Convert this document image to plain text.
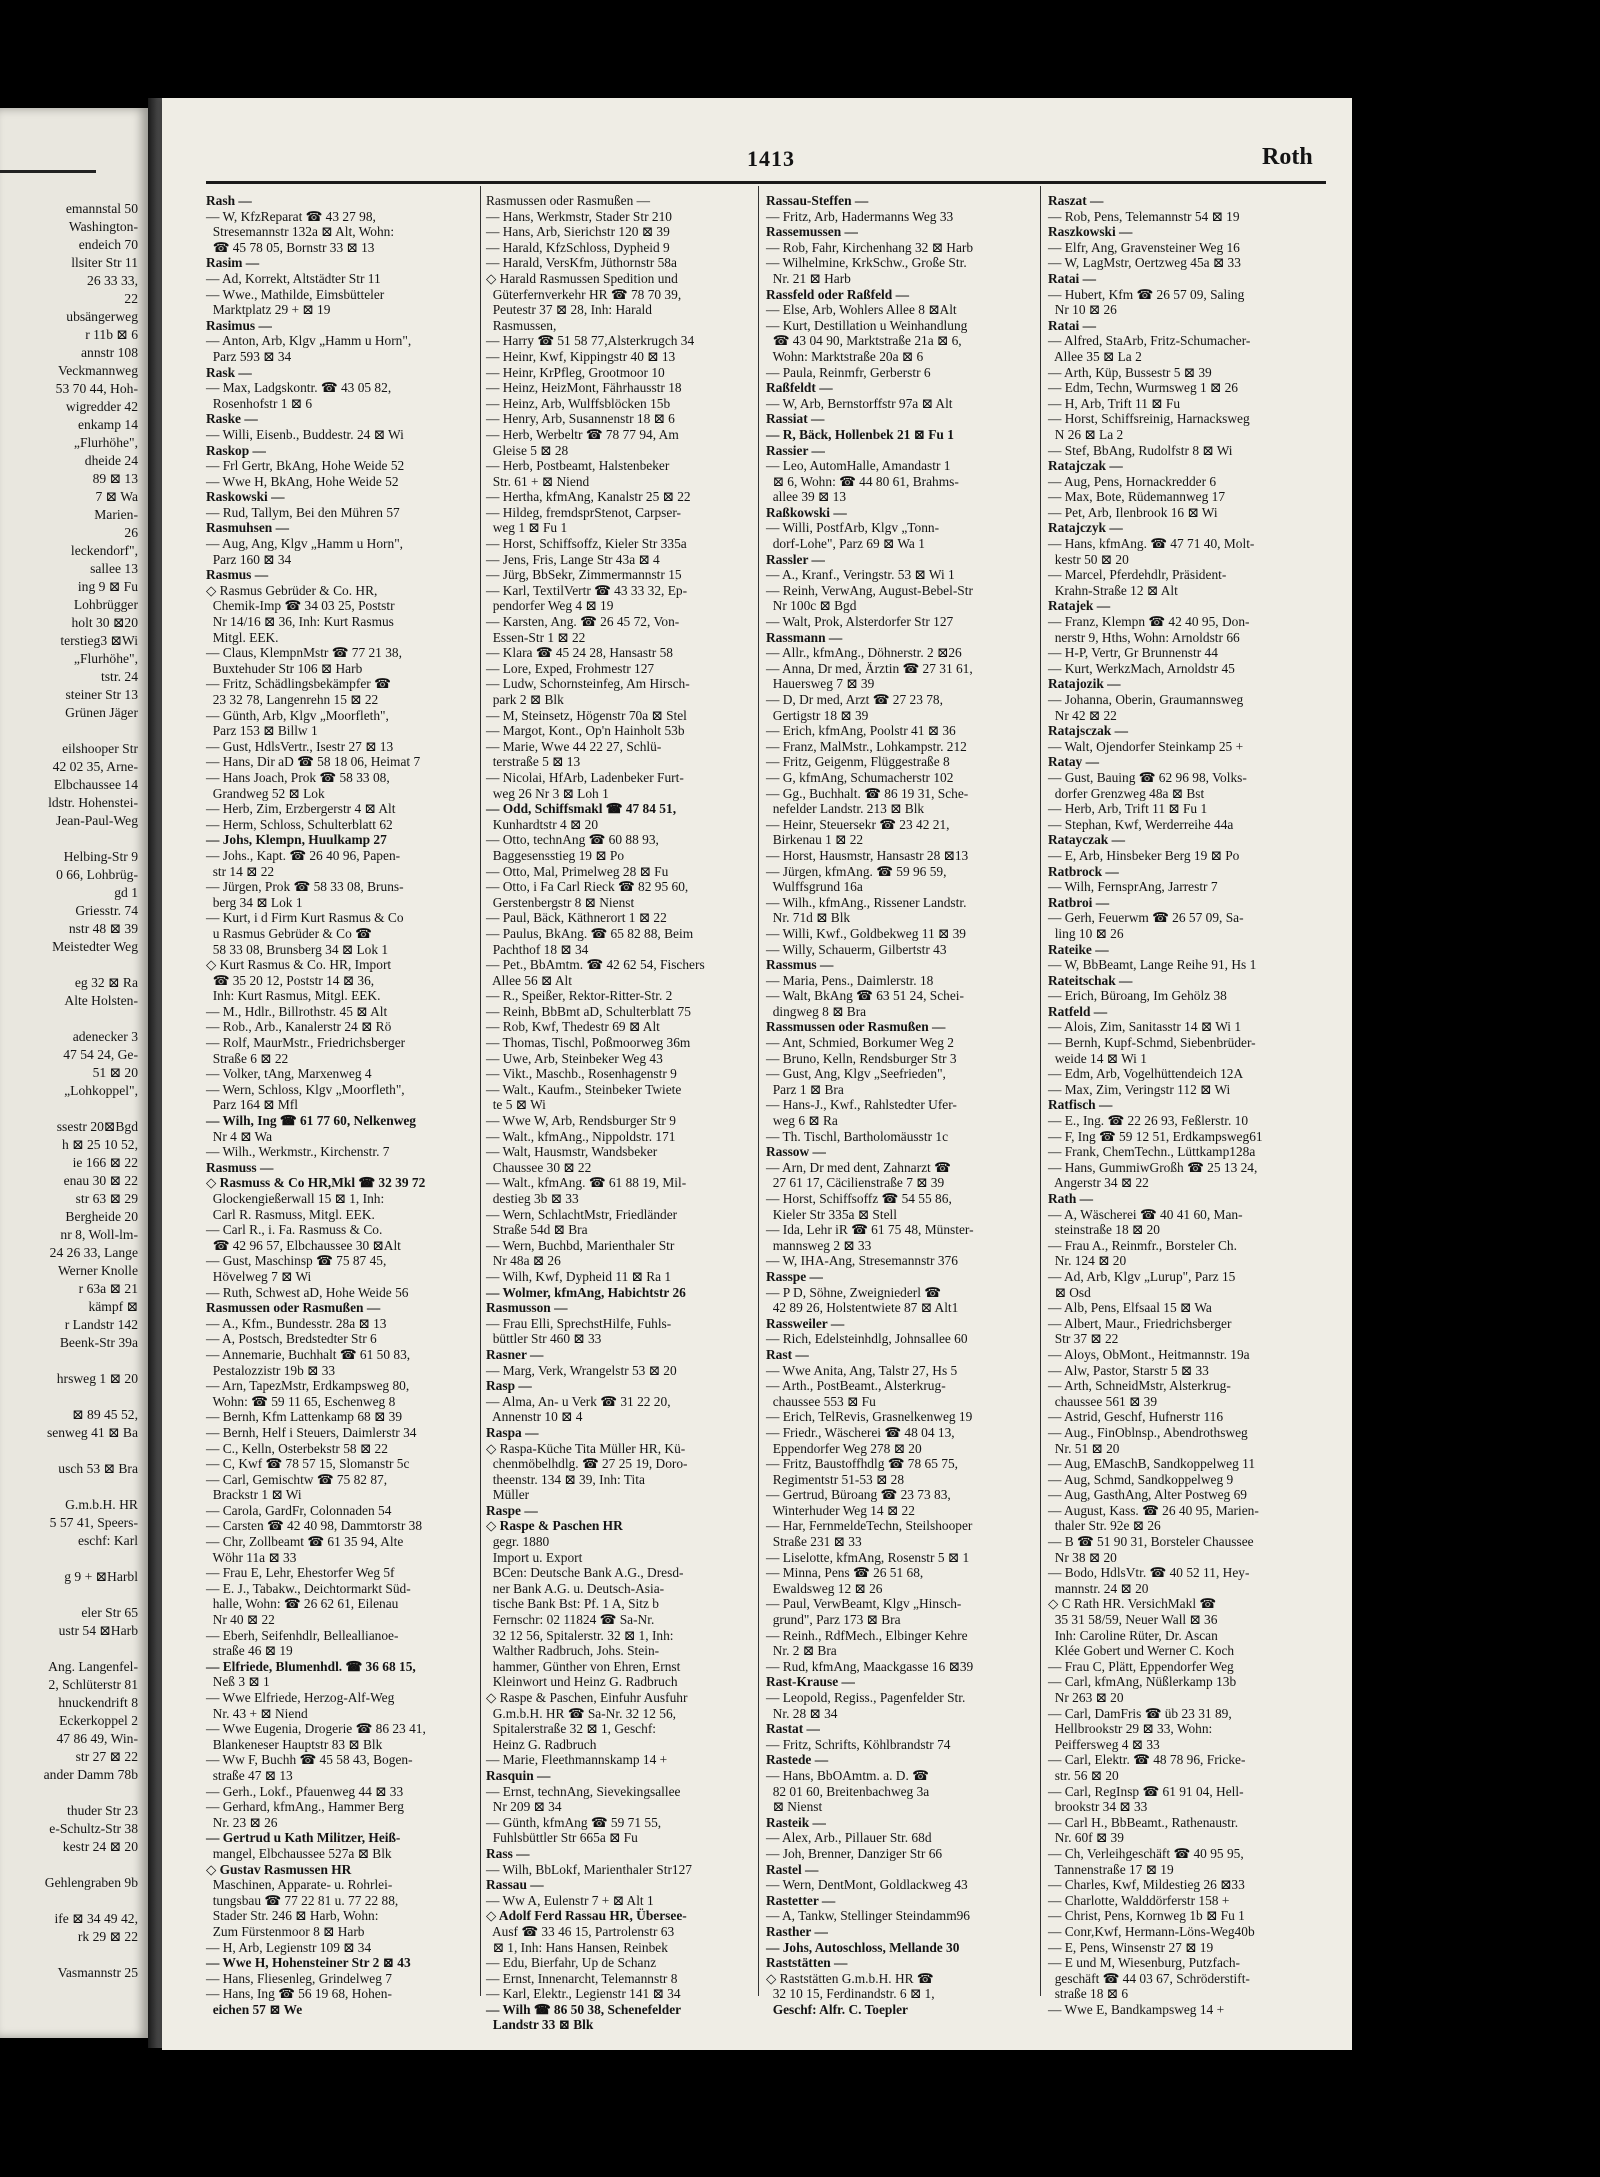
emannstal 50
Washington-
endeich 70
llsiter Str 11
26 33 33,
22
ubsängerweg
r 11b ⊠ 6
annstr 108
Veckmannweg
53 70 44, Hoh-
wigredder 42
enkamp 14
„Flurhöhe",
dheide 24
89 ⊠ 13
7 ⊠ Wa
Marien-
26
leckendorf",
sallee 13
ing 9 ⊠ Fu
Lohbrügger
holt 30 ⊠20
terstieg3 ⊠Wi
„Flurhöhe",
tstr. 24
steiner Str 13
Grünen Jäger

eilshooper Str
42 02 35, Arne-
Elbchaussee 14
ldstr. Hohenstei-
Jean-Paul-Weg

Helbing-Str 9
0 66, Lohbrüg-
gd 1
Griesstr. 74
nstr 48 ⊠ 39
Meistedter Weg

eg 32 ⊠ Ra
Alte Holsten-

adenecker 3
47 54 24, Ge-
51 ⊠ 20
„Lohkoppel",

ssestr 20⊠Bgd
h ⊠ 25 10 52,
ie 166 ⊠ 22
enau 30 ⊠ 22
str 63 ⊠ 29
Bergheide 20
nr 8, Woll-lm-
24 26 33, Lange
Werner Knolle
r 63a ⊠ 21
kämpf ⊠
r Landstr 142
Beenk-Str 39a

hrsweg 1 ⊠ 20

⊠ 89 45 52,
senweg 41 ⊠ Ba

usch 53 ⊠ Bra

G.m.b.H. HR
5 57 41, Speers-
eschf: Karl

g 9 + ⊠Harbl

eler Str 65
ustr 54 ⊠Harb

Ang. Langenfel-
2, Schlüterstr 81
hnuckendrift 8
Eckerkoppel 2
47 86 49, Win-
str 27 ⊠ 22
ander Damm 78b

thuder Str 23
e-Schultz-Str 38
kestr 24 ⊠ 20

Gehlengraben 9b

ife ⊠ 34 49 42,
rk 29 ⊠ 22

Vasmannstr 25
1413	Roth
Rash —
— W, KfzReparat ☎ 43 27 98,
Stresemannstr 132a ⊠ Alt, Wohn:
☎ 45 78 05, Bornstr 33 ⊠ 13
Rasim —
— Ad, Korrekt, Altstädter Str 11
— Wwe., Mathilde, Eimsbütteler
Marktplatz 29 + ⊠ 19
Rasimus —
— Anton, Arb, Klgv „Hamm u Horn",
Parz 593 ⊠ 34
Rask —
— Max, Ladgskontr. ☎ 43 05 82,
Rosenhofstr 1 ⊠ 6
Raske —
— Willi, Eisenb., Buddestr. 24 ⊠ Wi
Raskop —
— Frl Gertr, BkAng, Hohe Weide 52
— Wwe H, BkAng, Hohe Weide 52
Raskowski —
— Rud, Tallym, Bei den Mühren 57
Rasmuhsen —
— Aug, Ang, Klgv „Hamm u Horn",
Parz 160 ⊠ 34
Rasmus —
◇ Rasmus Gebrüder & Co. HR,
Chemik-Imp ☎ 34 03 25, Poststr
Nr 14/16 ⊠ 36, Inh: Kurt Rasmus
Mitgl. EEK.
— Claus, KlempnMstr ☎ 77 21 38,
Buxtehuder Str 106 ⊠ Harb
— Fritz, Schädlingsbekämpfer ☎
23 32 78, Langenrehn 15 ⊠ 22
— Günth, Arb, Klgv „Moorfleth",
Parz 153 ⊠ Billw 1
— Gust, HdlsVertr., Isestr 27 ⊠ 13
— Hans, Dir aD ☎ 58 18 06, Heimat 7
— Hans Joach, Prok ☎ 58 33 08,
Grandweg 52 ⊠ Lok
— Herb, Zim, Erzbergerstr 4 ⊠ Alt
— Herm, Schloss, Schulterblatt 62
— Johs, Klempn, Huulkamp 27
— Johs., Kapt. ☎ 26 40 96, Papen-
str 14 ⊠ 22
— Jürgen, Prok ☎ 58 33 08, Bruns-
berg 34 ⊠ Lok 1
— Kurt, i d Firm Kurt Rasmus & Co
u Rasmus Gebrüder & Co ☎
58 33 08, Brunsberg 34 ⊠ Lok 1
◇ Kurt Rasmus & Co. HR, Import
☎ 35 20 12, Poststr 14 ⊠ 36,
Inh: Kurt Rasmus, Mitgl. EEK.
— M., Hdlr., Billrothstr. 45 ⊠ Alt
— Rob., Arb., Kanalerstr 24 ⊠ Rö
— Rolf, MaurMstr., Friedrichsberger
Straße 6 ⊠ 22
— Volker, tAng, Marxenweg 4
— Wern, Schloss, Klgv „Moorfleth",
Parz 164 ⊠ Mfl
— Wilh, Ing ☎ 61 77 60, Nelkenweg
Nr 4 ⊠ Wa
— Wilh., Werkmstr., Kirchenstr. 7
Rasmuss —
◇ Rasmuss & Co HR,Mkl ☎ 32 39 72
Glockengießerwall 15 ⊠ 1, Inh:
Carl R. Rasmuss, Mitgl. EEK.
— Carl R., i. Fa. Rasmuss & Co.
☎ 42 96 57, Elbchaussee 30 ⊠Alt
— Gust, Maschinsp ☎ 75 87 45,
Hövelweg 7 ⊠ Wi
— Ruth, Schwest aD, Hohe Weide 56
Rasmussen oder Rasmußen —
— A., Kfm., Bundesstr. 28a ⊠ 13
— A, Postsch, Bredstedter Str 6
— Annemarie, Buchhalt ☎ 61 50 83,
Pestalozzistr 19b ⊠ 33
— Arn, TapezMstr, Erdkampsweg 80,
Wohn: ☎ 59 11 65, Eschenweg 8
— Bernh, Kfm Lattenkamp 68 ⊠ 39
— Bernh, Helf i Steuers, Daimlerstr 34
— C., Kelln, Osterbekstr 58 ⊠ 22
— C, Kwf ☎ 78 57 15, Slomanstr 5c
— Carl, Gemischtw ☎ 75 82 87,
Brackstr 1 ⊠ Wi
— Carola, GardFr, Colonnaden 54
— Carsten ☎ 42 40 98, Dammtorstr 38
— Chr, Zollbeamt ☎ 61 35 94, Alte
Wöhr 11a ⊠ 33
— Frau E, Lehr, Ehestorfer Weg 5f
— E. J., Tabakw., Deichtormarkt Süd-
halle, Wohn: ☎ 26 62 61, Eilenau
Nr 40 ⊠ 22
— Eberh, Seifenhdlr, Belleallianoe-
straße 46 ⊠ 19
— Elfriede, Blumenhdl. ☎ 36 68 15,
Neß 3 ⊠ 1
— Wwe Elfriede, Herzog-Alf-Weg
Nr. 43 + ⊠ Niend
— Wwe Eugenia, Drogerie ☎ 86 23 41,
Blankeneser Hauptstr 83 ⊠ Blk
— Ww F, Buchh ☎ 45 58 43, Bogen-
straße 47 ⊠ 13
— Gerh., Lokf., Pfauenweg 44 ⊠ 33
— Gerhard, kfmAng., Hammer Berg
Nr. 23 ⊠ 26
— Gertrud u Kath Militzer, Heiß-
mangel, Elbchaussee 527a ⊠ Blk
◇ Gustav Rasmussen HR
Maschinen, Apparate- u. Rohrlei-
tungsbau ☎ 77 22 81 u. 77 22 88,
Stader Str. 246 ⊠ Harb, Wohn:
Zum Fürstenmoor 8 ⊠ Harb
— H, Arb, Legienstr 109 ⊠ 34
— Wwe H, Hohensteiner Str 2 ⊠ 43
— Hans, Fliesenleg, Grindelweg 7
— Hans, Ing ☎ 56 19 68, Hohen-
eichen 57 ⊠ We
Rasmussen oder Rasmußen —
— Hans, Werkmstr, Stader Str 210
— Hans, Arb, Sierichstr 120 ⊠ 39
— Harald, KfzSchloss, Dypheid 9
— Harald, VersKfm, Jüthornstr 58a
◇ Harald Rasmussen Spedition und
Güterfernverkehr HR ☎ 78 70 39,
Peutestr 37 ⊠ 28, Inh: Harald
Rasmussen,
— Harry ☎ 51 58 77,Alsterkrugch 34
— Heinr, Kwf, Kippingstr 40 ⊠ 13
— Heinr, KrPfleg, Grootmoor 10
— Heinz, HeizMont, Fährhausstr 18
— Heinz, Arb, Wulffsblöcken 15b
— Henry, Arb, Susannenstr 18 ⊠ 6
— Herb, Werbeltr ☎ 78 77 94, Am
Gleise 5 ⊠ 28
— Herb, Postbeamt, Halstenbeker
Str. 61 + ⊠ Niend
— Hertha, kfmAng, Kanalstr 25 ⊠ 22
— Hildeg, fremdsprStenot, Carpser-
weg 1 ⊠ Fu 1
— Horst, Schiffsoffz, Kieler Str 335a
— Jens, Fris, Lange Str 43a ⊠ 4
— Jürg, BbSekr, Zimmermannstr 15
— Karl, TextilVertr ☎ 43 33 32, Ep-
pendorfer Weg 4 ⊠ 19
— Karsten, Ang. ☎ 26 45 72, Von-
Essen-Str 1 ⊠ 22
— Klara ☎ 45 24 28, Hansastr 58
— Lore, Exped, Frohmestr 127
— Ludw, Schornsteinfeg, Am Hirsch-
park 2 ⊠ Blk
— M, Steinsetz, Högenstr 70a ⊠ Stel
— Margot, Kont., Op'n Hainholt 53b
— Marie, Wwe 44 22 27, Schlü-
terstraße 5 ⊠ 13
— Nicolai, HfArb, Ladenbeker Furt-
weg 26 Nr 3 ⊠ Loh 1
— Odd, Schiffsmakl ☎ 47 84 51,
Kunhardtstr 4 ⊠ 20
— Otto, technAng ☎ 60 88 93,
Baggesensstieg 19 ⊠ Po
— Otto, Mal, Primelweg 28 ⊠ Fu
— Otto, i Fa Carl Rieck ☎ 82 95 60,
Gerstenbergstr 8 ⊠ Nienst
— Paul, Bäck, Käthnerort 1 ⊠ 22
— Paulus, BkAng. ☎ 65 82 88, Beim
Pachthof 18 ⊠ 34
— Pet., BbAmtm. ☎ 42 62 54, Fischers
Allee 56 ⊠ Alt
— R., Speißer, Rektor-Ritter-Str. 2
— Reinh, BbBmt aD, Schulterblatt 75
— Rob, Kwf, Thedestr 69 ⊠ Alt
— Thomas, Tischl, Poßmoorweg 36m
— Uwe, Arb, Steinbeker Weg 43
— Vikt., Maschb., Rosenhagenstr 9
— Walt., Kaufm., Steinbeker Twiete
te 5 ⊠ Wi
— Wwe W, Arb, Rendsburger Str 9
— Walt., kfmAng., Nippoldstr. 171
— Walt, Hausmstr, Wandsbeker
Chaussee 30 ⊠ 22
— Walt., kfmAng. ☎ 61 88 19, Mil-
destieg 3b ⊠ 33
— Wern, SchlachtMstr, Friedländer
Straße 54d ⊠ Bra
— Wern, Buchbd, Marienthaler Str
Nr 48a ⊠ 26
— Wilh, Kwf, Dypheid 11 ⊠ Ra 1
— Wolmer, kfmAng, Habichtstr 26
Rasmusson —
— Frau Elli, SprechstHilfe, Fuhls-
büttler Str 460 ⊠ 33
Rasner —
— Marg, Verk, Wrangelstr 53 ⊠ 20
Rasp —
— Alma, An- u Verk ☎ 31 22 20,
Annenstr 10 ⊠ 4
Raspa —
◇ Raspa-Küche Tita Müller HR, Kü-
chenmöbelhdlg. ☎ 27 25 19, Doro-
theenstr. 134 ⊠ 39, Inh: Tita
Müller
Raspe —
◇ Raspe & Paschen HR
gegr. 1880
Import u. Export
BCen: Deutsche Bank A.G., Dresd-
ner Bank A.G. u. Deutsch-Asia-
tische Bank Bst: Pf. 1 A, Sitz b
Fernschr: 02 11824 ☎ Sa-Nr.
32 12 56, Spitalerstr. 32 ⊠ 1, Inh:
Walther Radbruch, Johs. Stein-
hammer, Günther von Ehren, Ernst
Kleinwort und Heinz G. Radbruch
◇ Raspe & Paschen, Einfuhr Ausfuhr
G.m.b.H. HR ☎ Sa-Nr. 32 12 56,
Spitalerstraße 32 ⊠ 1, Geschf:
Heinz G. Radbruch
— Marie, Fleethmannskamp 14 +
Rasquin —
— Ernst, technAng, Sievekingsallee
Nr 209 ⊠ 34
— Günth, kfmAng ☎ 59 71 55,
Fuhlsbüttler Str 665a ⊠ Fu
Rass —
— Wilh, BbLokf, Marienthaler Str127
Rassau —
— Ww A, Eulenstr 7 + ⊠ Alt 1
◇ Adolf Ferd Rassau HR, Überseе-
Ausf ☎ 33 46 15, Partrolenstr 63
⊠ 1, Inh: Hans Hansen, Reinbek
— Edu, Bierfahr, Up de Schanz
— Ernst, Innenarcht, Telemannstr 8
— Karl, Elektr., Legienstr 141 ⊠ 34
— Wilh ☎ 86 50 38, Schenefelder
Landstr 33 ⊠ Blk
Rassau-Steffen —
— Fritz, Arb, Hadermanns Weg 33
Rassemussen —
— Rob, Fahr, Kirchenhang 32 ⊠ Harb
— Wilhelmine, KrkSchw., Große Str.
Nr. 21 ⊠ Harb
Rassfeld oder Raßfeld —
— Else, Arb, Wohlers Allee 8 ⊠Alt
— Kurt, Destillation u Weinhandlung
☎ 43 04 90, Marktstraße 21a ⊠ 6,
Wohn: Marktstraße 20a ⊠ 6
— Paula, Reinmfr, Gerberstr 6
Raßfeldt —
— W, Arb, Bernstorffstr 97a ⊠ Alt
Rassiat —
— R, Bäck, Hollenbek 21 ⊠ Fu 1
Rassier —
— Leo, AutomHalle, Amandastr 1
⊠ 6, Wohn: ☎ 44 80 61, Brahms-
allee 39 ⊠ 13
Raßkowski —
— Willi, PostfArb, Klgv „Tonn-
dorf-Lohe", Parz 69 ⊠ Wa 1
Rassler —
— A., Kranf., Veringstr. 53 ⊠ Wi 1
— Reinh, VerwAng, August-Bebel-Str
Nr 100c ⊠ Bgd
— Walt, Prok, Alsterdorfer Str 127
Rassmann —
— Allr., kfmAng., Döhnerstr. 2 ⊠26
— Anna, Dr med, Ärztin ☎ 27 31 61,
Hauersweg 7 ⊠ 39
— D, Dr med, Arzt ☎ 27 23 78,
Gertigstr 18 ⊠ 39
— Erich, kfmAng, Poolstr 41 ⊠ 36
— Franz, MalMstr., Lohkampstr. 212
— Fritz, Geigenm, Flüggestraße 8
— G, kfmAng, Schumacherstr 102
— Gg., Buchhalt. ☎ 86 19 31, Sche-
nefelder Landstr. 213 ⊠ Blk
— Heinr, Steuersekr ☎ 23 42 21,
Birkenau 1 ⊠ 22
— Horst, Hausmstr, Hansastr 28 ⊠13
— Jürgen, kfmAng. ☎ 59 96 59,
Wulffsgrund 16a
— Wilh., kfmAng., Rissener Landstr.
Nr. 71d ⊠ Blk
— Willi, Kwf., Goldbekweg 11 ⊠ 39
— Willy, Schauerm, Gilbertstr 43
Rassmus —
— Maria, Pens., Daimlerstr. 18
— Walt, BkAng ☎ 63 51 24, Schei-
dingweg 8 ⊠ Bra
Rassmussen oder Rasmußen —
— Ant, Schmied, Borkumer Weg 2
— Bruno, Kelln, Rendsburger Str 3
— Gust, Ang, Klgv „Seefrieden",
Parz 1 ⊠ Bra
— Hans-J., Kwf., Rahlstedter Ufer-
weg 6 ⊠ Ra
— Th. Tischl, Bartholomäusstr 1c
Rassow —
— Arn, Dr med dent, Zahnarzt ☎
27 61 17, Cäcilienstraße 7 ⊠ 39
— Horst, Schiffsoffz ☎ 54 55 86,
Kieler Str 335a ⊠ Stell
— Ida, Lehr iR ☎ 61 75 48, Münster-
mannsweg 2 ⊠ 33
— W, IHA-Ang, Stresemannstr 376
Rasspe —
— P D, Söhne, Zweigniederl ☎
42 89 26, Holstentwiete 87 ⊠ Alt1
Rassweiler —
— Rich, Edelsteinhdlg, Johnsallee 60
Rast —
— Wwe Anita, Ang, Talstr 27, Hs 5
— Arth., PostBeamt., Alsterkrug-
chaussee 553 ⊠ Fu
— Erich, TelRevis, Grasnelkenweg 19
— Friedr., Wäscherei ☎ 48 04 13,
Eppendorfer Weg 278 ⊠ 20
— Fritz, Baustoffhdlg ☎ 78 65 75,
Regimentstr 51-53 ⊠ 28
— Gertrud, Büroang ☎ 23 73 83,
Winterhuder Weg 14 ⊠ 22
— Har, FernmeldeTechn, Steilshooper
Straße 231 ⊠ 33
— Liselotte, kfmAng, Rosenstr 5 ⊠ 1
— Minna, Pens ☎ 26 51 68,
Ewaldsweg 12 ⊠ 26
— Paul, VerwBeamt, Klgv „Hinsch-
grund", Parz 173 ⊠ Bra
— Reinh., RdfMech., Elbinger Kehre
Nr. 2 ⊠ Bra
— Rud, kfmAng, Maackgasse 16 ⊠39
Rast-Krause —
— Leopold, Regiss., Pagenfelder Str.
Nr. 28 ⊠ 34
Rastat —
— Fritz, Schrifts, Köhlbrandstr 74
Rastede —
— Hans, BbOAmtm. a. D. ☎
82 01 60, Breitenbachweg 3a
⊠ Nienst
Rasteik —
— Alex, Arb., Pillauer Str. 68d
— Joh, Brenner, Danziger Str 66
Rastel —
— Wern, DentMont, Goldlackweg 43
Rastetter —
— A, Tankw, Stellinger Steindamm96
Rasther —
— Johs, Autoschloss, Mellande 30
Raststätten —
◇ Raststätten G.m.b.H. HR ☎
32 10 15, Ferdinandstr. 6 ⊠ 1,
Geschf: Alfr. C. Toepler
Raszat —
— Rob, Pens, Telemannstr 54 ⊠ 19
Raszkowski —
— Elfr, Ang, Gravensteiner Weg 16
— W, LagMstr, Oertzweg 45a ⊠ 33
Ratai —
— Hubert, Kfm ☎ 26 57 09, Saling
Nr 10 ⊠ 26
Ratai —
— Alfred, StaArb, Fritz-Schumacher-
Allee 35 ⊠ La 2
— Arth, Küp, Bussestr 5 ⊠ 39
— Edm, Techn, Wurmsweg 1 ⊠ 26
— H, Arb, Trift 11 ⊠ Fu
— Horst, Schiffsreinig, Harnacksweg
N 26 ⊠ La 2
— Stef, BbAng, Rudolfstr 8 ⊠ Wi
Ratajczak —
— Aug, Pens, Hornackredder 6
— Max, Bote, Rüdemannweg 17
— Pet, Arb, Ilenbrook 16 ⊠ Wi
Ratajczyk —
— Hans, kfmAng. ☎ 47 71 40, Molt-
kestr 50 ⊠ 20
— Marcel, Pferdehdlr, Präsident-
Krahn-Straße 12 ⊠ Alt
Ratajek —
— Franz, Klempn ☎ 42 40 95, Don-
nerstr 9, Hths, Wohn: Arnoldstr 66
— H-P, Vertr, Gr Brunnenstr 44
— Kurt, WerkzMach, Arnoldstr 45
Ratajozik —
— Johanna, Oberin, Graumannsweg
Nr 42 ⊠ 22
Ratajsczak —
— Walt, Ojendorfer Steinkamp 25 +
Ratay —
— Gust, Bauing ☎ 62 96 98, Volks-
dorfer Grenzweg 48a ⊠ Bst
— Herb, Arb, Trift 11 ⊠ Fu 1
— Stephan, Kwf, Werderreihe 44a
Ratayczak —
— E, Arb, Hinsbeker Berg 19 ⊠ Po
Ratbrock —
— Wilh, FernsprAng, Jarrestr 7
Ratbroi —
— Gerh, Feuerwm ☎ 26 57 09, Sa-
ling 10 ⊠ 26
Rateike —
— W, BbBeamt, Lange Reihe 91, Hs 1
Rateitschak —
— Erich, Büroang, Im Gehölz 38
Ratfeld —
— Alois, Zim, Sanitasstr 14 ⊠ Wi 1
— Bernh, Kupf-Schmd, Siebenbrüder-
weide 14 ⊠ Wi 1
— Edm, Arb, Vogelhüttendeich 12A
— Max, Zim, Veringstr 112 ⊠ Wi
Ratfisch —
— E., Ing. ☎ 22 26 93, Feßlerstr. 10
— F, Ing ☎ 59 12 51, Erdkampsweg61
— Frank, ChemTechn., Lüttkamp128a
— Hans, GummiwGroßh ☎ 25 13 24,
Angerstr 34 ⊠ 22
Rath —
— A, Wäscherei ☎ 40 41 60, Man-
steinstraße 18 ⊠ 20
— Frau A., Reinmfr., Borsteler Ch.
Nr. 124 ⊠ 20
— Ad, Arb, Klgv „Lurup", Parz 15
⊠ Osd
— Alb, Pens, Elfsaal 15 ⊠ Wa
— Albert, Maur., Friedrichsberger
Str 37 ⊠ 22
— Aloys, ObMont., Heitmannstr. 19a
— Alw, Pastor, Starstr 5 ⊠ 33
— Arth, SchneidMstr, Alsterkrug-
chaussee 561 ⊠ 39
— Astrid, Geschf, Hufnerstr 116
— Aug., FinOblnsp., Abendrothsweg
Nr. 51 ⊠ 20
— Aug, EMaschB, Sandkoppelweg 11
— Aug, Schmd, Sandkoppelweg 9
— Aug, GasthAng, Alter Postweg 69
— August, Kass. ☎ 26 40 95, Marien-
thaler Str. 92e ⊠ 26
— B ☎ 51 90 31, Borsteler Chaussee
Nr 38 ⊠ 20
— Bodo, HdlsVtr. ☎ 40 52 11, Hey-
mannstr. 24 ⊠ 20
◇ C Rath HR. VersichMakl ☎
35 31 58/59, Neuer Wall ⊠ 36
Inh: Caroline Rüter, Dr. Ascan
Klée Gobert und Werner C. Koch
— Frau C, Plätt, Eppendorfer Weg
— Carl, kfmAng, Nüßlerkamp 13b
Nr 263 ⊠ 20
— Carl, DamFris ☎ üb 23 31 89,
Hellbrookstr 29 ⊠ 33, Wohn:
Peiffersweg 4 ⊠ 33
— Carl, Elektr. ☎ 48 78 96, Fricke-
str. 56 ⊠ 20
— Carl, RegInsp ☎ 61 91 04, Hell-
brookstr 34 ⊠ 33
— Carl H., BbBeamt., Rathenaustr.
Nr. 60f ⊠ 39
— Ch, Verleihgeschäft ☎ 40 95 95,
Tannenstraße 17 ⊠ 19
— Charles, Kwf, Mildestieg 26 ⊠33
— Charlotte, Walddörferstr 158 +
— Christ, Pens, Kornweg 1b ⊠ Fu 1
— Conr,Kwf, Hermann-Löns-Weg40b
— E, Pens, Winsenstr 27 ⊠ 19
— E und M, Wiesenburg, Putzfach-
geschäft ☎ 44 03 67, Schröderstift-
straße 18 ⊠ 6
— Wwe E, Bandkampsweg 14 +
